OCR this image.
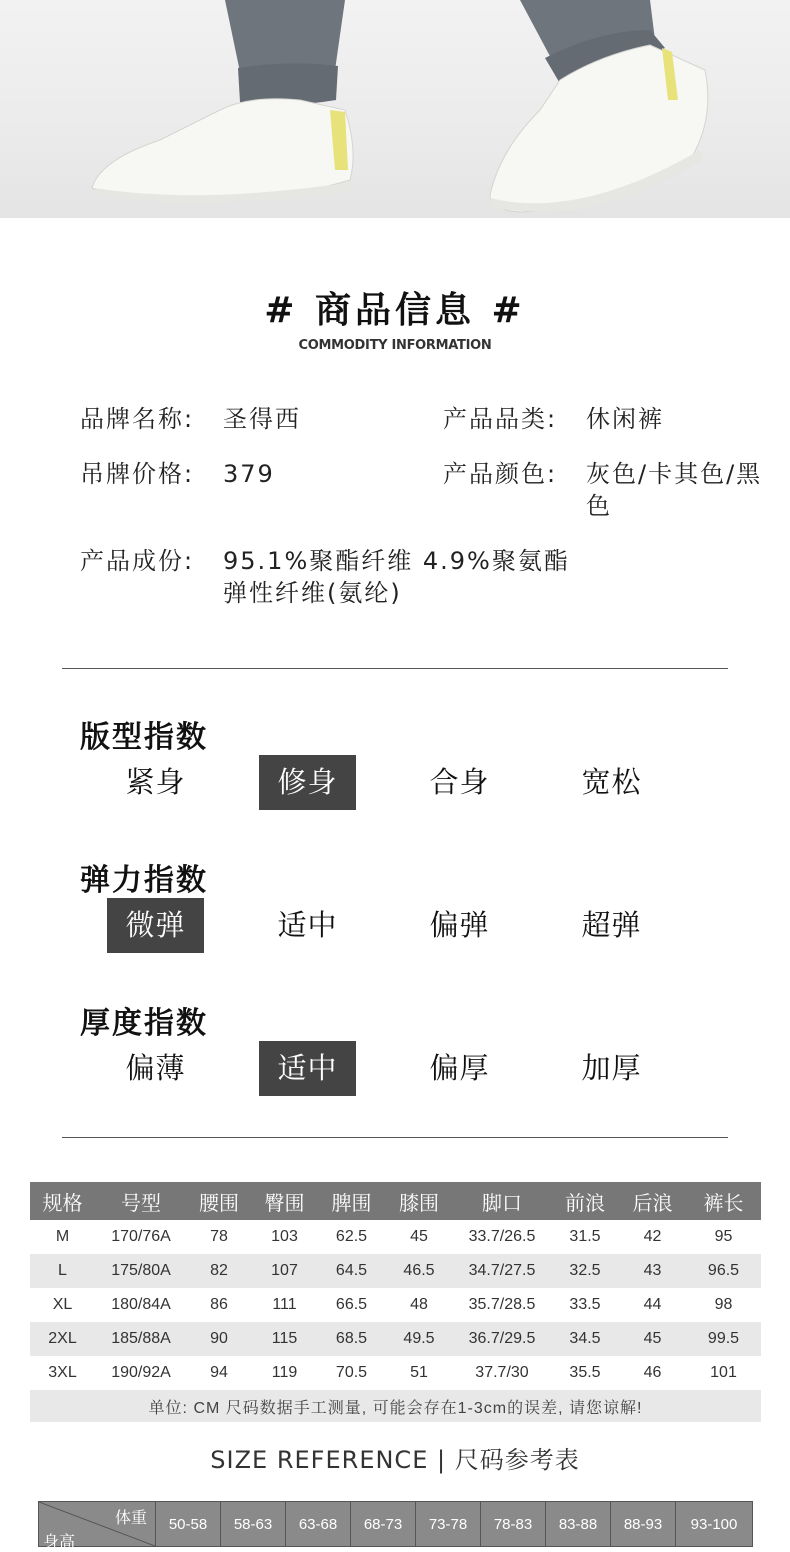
# 商品信息 #
COMMODITY INFORMATION
品牌名称: 圣得西	产品品类: 休闲裤
吊牌价格: 379	产品颜色: 灰色/卡其色/黑色
产品成份: 95.1%聚酯纤维 4.9%聚氨酯弹性纤维(氨纶)
版型指数
紧身	修身	合身	宽松
弹力指数
微弹	适中	偏弹	超弹
厚度指数
偏薄	适中	偏厚	加厚
规格	号型	腰围	臀围	脾围	膝围	脚口	前浪	后浪	裤长
M	170/76A	78	103	62.5	45	33.7/26.5	31.5	42	95
L	175/80A	82	107	64.5	46.5	34.7/27.5	32.5	43	96.5
XL	180/84A	86	111	66.5	48	35.7/28.5	33.5	44	98
2XL	185/88A	90	115	68.5	49.5	36.7/29.5	34.5	45	99.5
3XL	190/92A	94	119	70.5	51	37.7/30	35.5	46	101
单位: CM 尺码数据手工测量, 可能会存在1-3cm的误差, 请您谅解!									
SIZE REFERENCE | 尺码参考表
体重
身高
	50-58	58-63	63-68	68-73	73-78	78-83	83-88	88-93	93-100
